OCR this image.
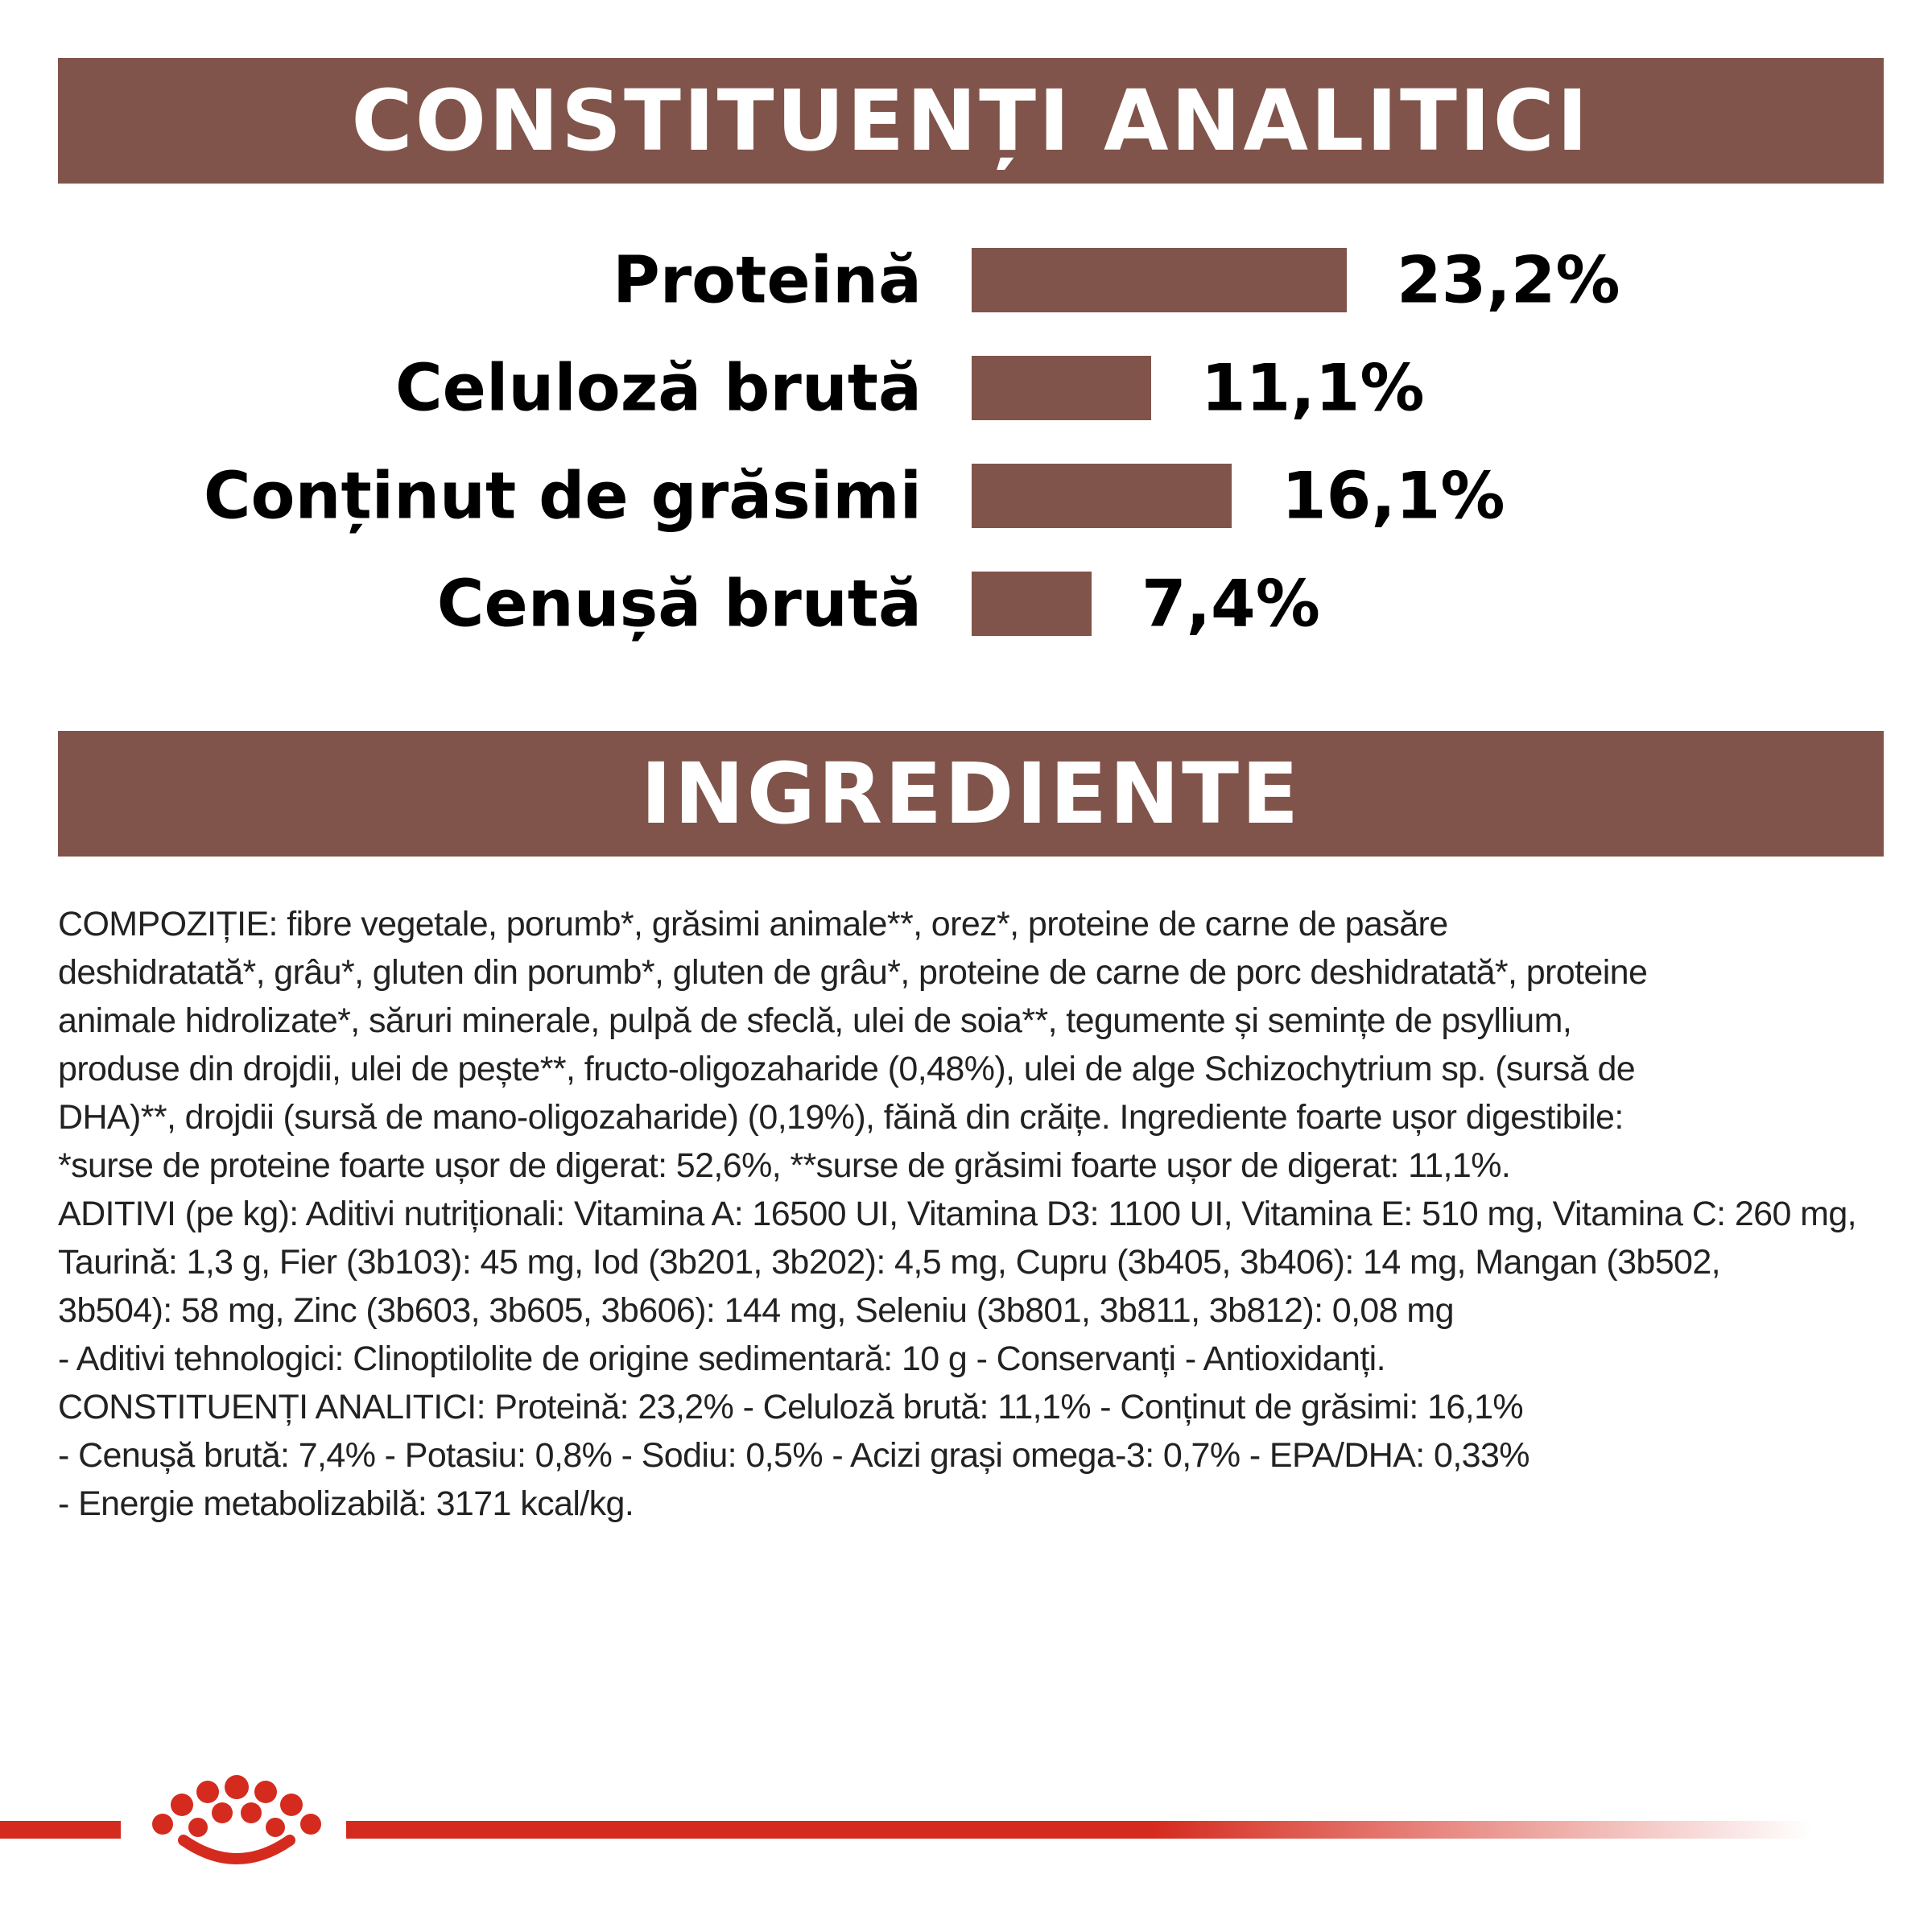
CONSTITUENȚI ANALITICI
Proteină	23,2%
Celuloză brută	11,1%
Conținut de grăsimi	16,1%
Cenușă brută	7,4%
INGREDIENTE

COMPOZIȚIE: fibre vegetale, porumb*, grăsimi animale**, orez*, proteine de carne de pasăre

deshidratată*, grâu*, gluten din porumb*, gluten de grâu*, proteine de carne de porc deshidratată*, proteine

animale hidrolizate*, săruri minerale, pulpă de sfeclă, ulei de soia**, tegumente și semințe de psyllium,

produse din drojdii, ulei de pește**, fructo-oligozaharide (0,48%), ulei de alge Schizochytrium sp. (sursă de

DHA)**, drojdii (sursă de mano-oligozaharide) (0,19%), făină din crăițe. Ingrediente foarte ușor digestibile:

*surse de proteine foarte ușor de digerat: 52,6%, **surse de grăsimi foarte ușor de digerat: 11,1%.

ADITIVI (pe kg): Aditivi nutriționali: Vitamina A: 16500 UI, Vitamina D3: 1100 UI, Vitamina E: 510 mg, Vitamina C: 260 mg,

Taurină: 1,3 g, Fier (3b103): 45 mg, Iod (3b201, 3b202): 4,5 mg, Cupru (3b405, 3b406): 14 mg, Mangan (3b502,

3b504): 58 mg, Zinc (3b603, 3b605, 3b606): 144 mg, Seleniu (3b801, 3b811, 3b812): 0,08 mg

- Aditivi tehnologici: Clinoptilolite de origine sedimentară: 10 g - Conservanți - Antioxidanți.

CONSTITUENȚI ANALITICI: Proteină: 23,2% - Celuloză brută: 11,1% - Conținut de grăsimi: 16,1%

- Cenușă brută: 7,4% - Potasiu: 0,8% - Sodiu: 0,5% - Acizi grași omega-3: 0,7% - EPA/DHA: 0,33%

- Energie metabolizabilă: 3171 kcal/kg.
